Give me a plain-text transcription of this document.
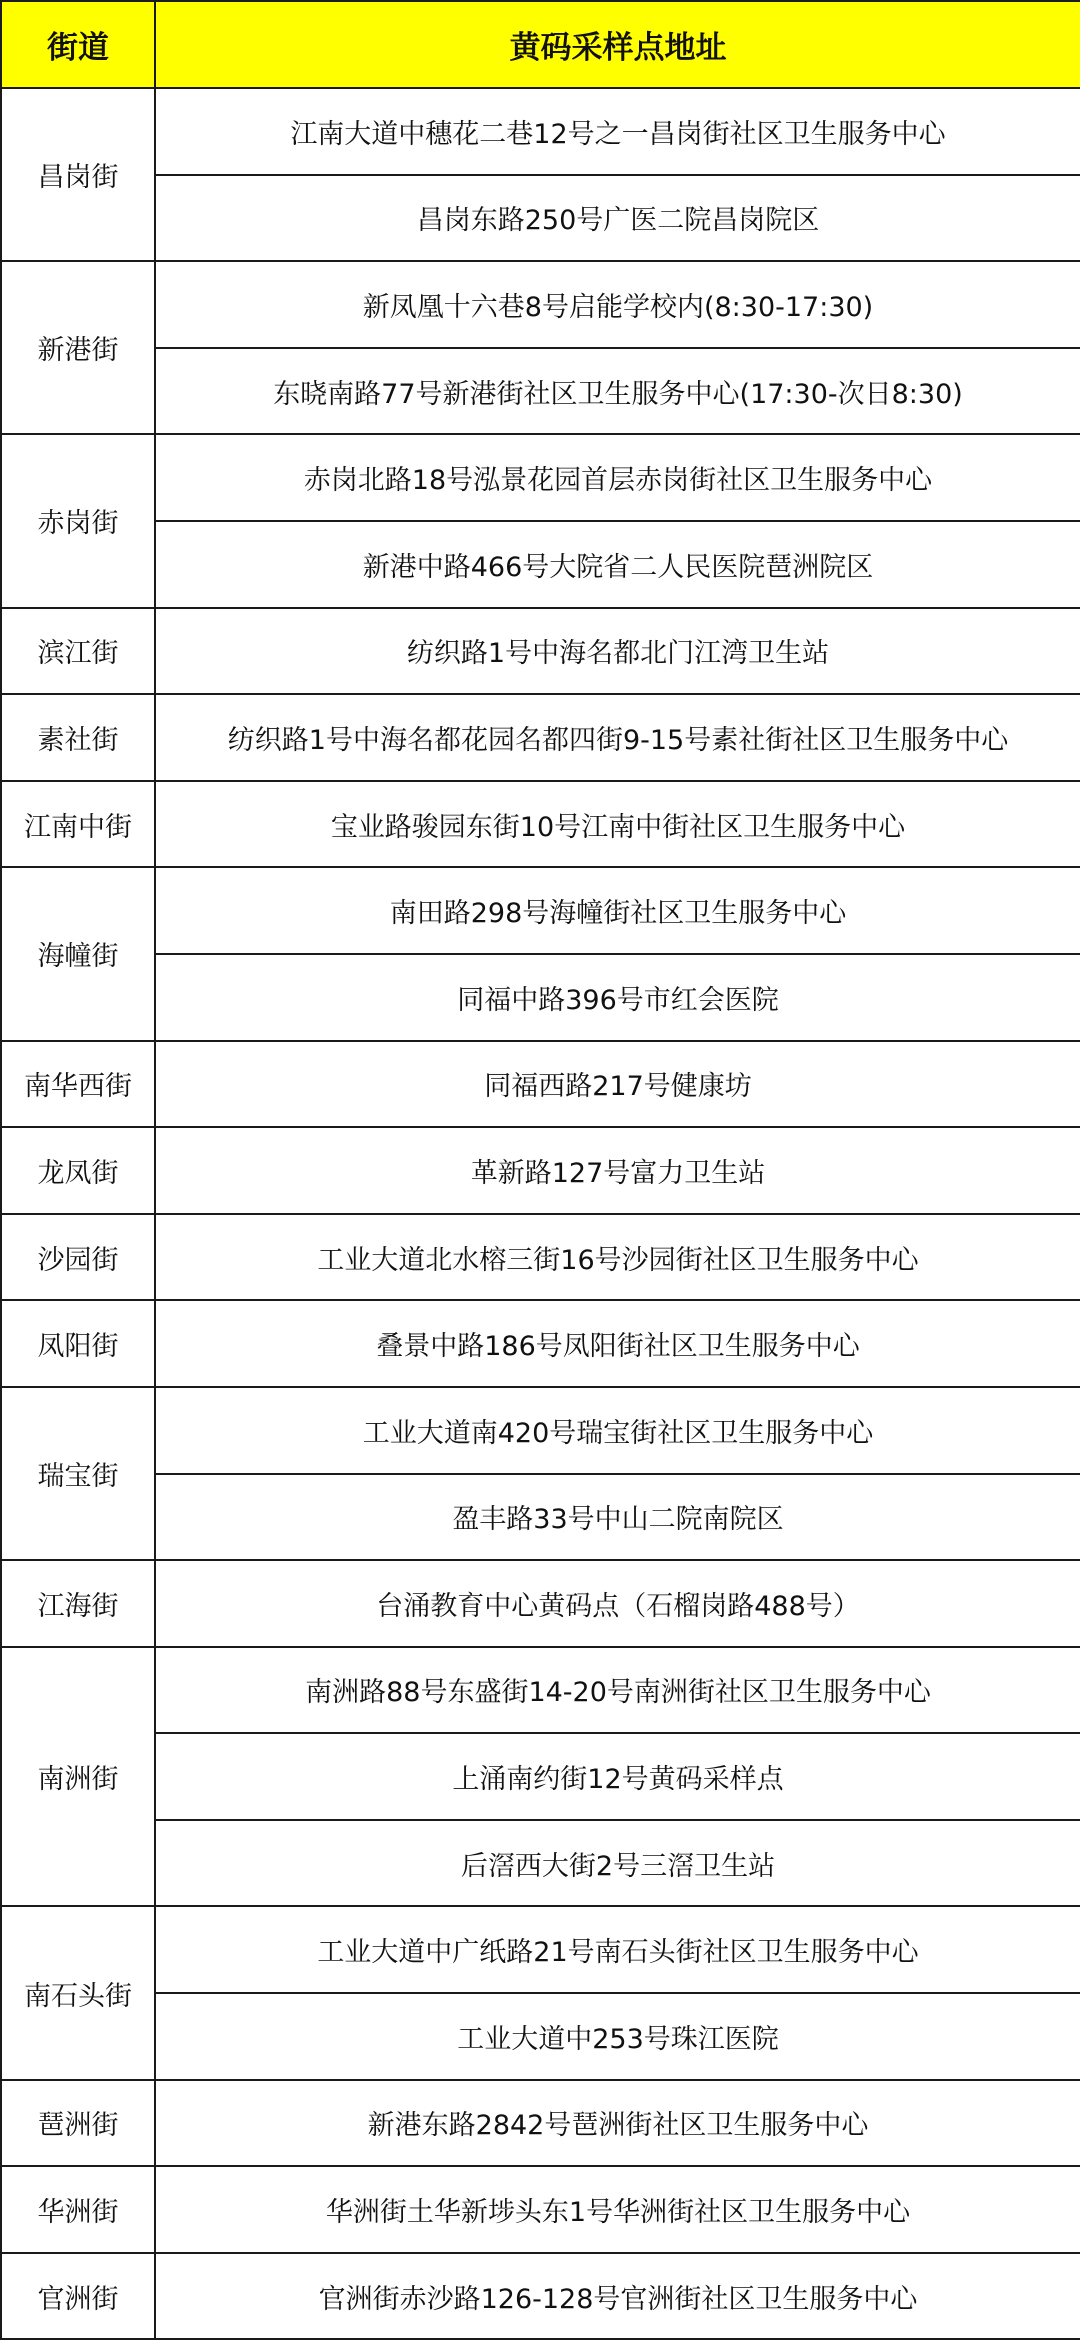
街道	黄码采样点地址
昌岗街	江南大道中穗花二巷12号之一昌岗街社区卫生服务中心
	昌岗东路250号广医二院昌岗院区
新港街	新凤凰十六巷8号启能学校内(8:30-17:30)
	东晓南路77号新港街社区卫生服务中心(17:30-次日8:30)
赤岗街	赤岗北路18号泓景花园首层赤岗街社区卫生服务中心
	新港中路466号大院省二人民医院琶洲院区
滨江街	纺织路1号中海名都北门江湾卫生站
素社街	纺织路1号中海名都花园名都四街9-15号素社街社区卫生服务中心
江南中街	宝业路骏园东街10号江南中街社区卫生服务中心
海幢街	南田路298号海幢街社区卫生服务中心
	同福中路396号市红会医院
南华西街	同福西路217号健康坊
龙凤街	革新路127号富力卫生站
沙园街	工业大道北水榕三街16号沙园街社区卫生服务中心
凤阳街	叠景中路186号凤阳街社区卫生服务中心
瑞宝街	工业大道南420号瑞宝街社区卫生服务中心
	盈丰路33号中山二院南院区
江海街	台涌教育中心黄码点（石榴岗路488号）
南洲街	南洲路88号东盛街14-20号南洲街社区卫生服务中心
	上涌南约街12号黄码采样点
	后滘西大街2号三滘卫生站
南石头街	工业大道中广纸路21号南石头街社区卫生服务中心
	工业大道中253号珠江医院
琶洲街	新港东路2842号琶洲街社区卫生服务中心
华洲街	华洲街土华新埗头东1号华洲街社区卫生服务中心
官洲街	官洲街赤沙路126-128号官洲街社区卫生服务中心
